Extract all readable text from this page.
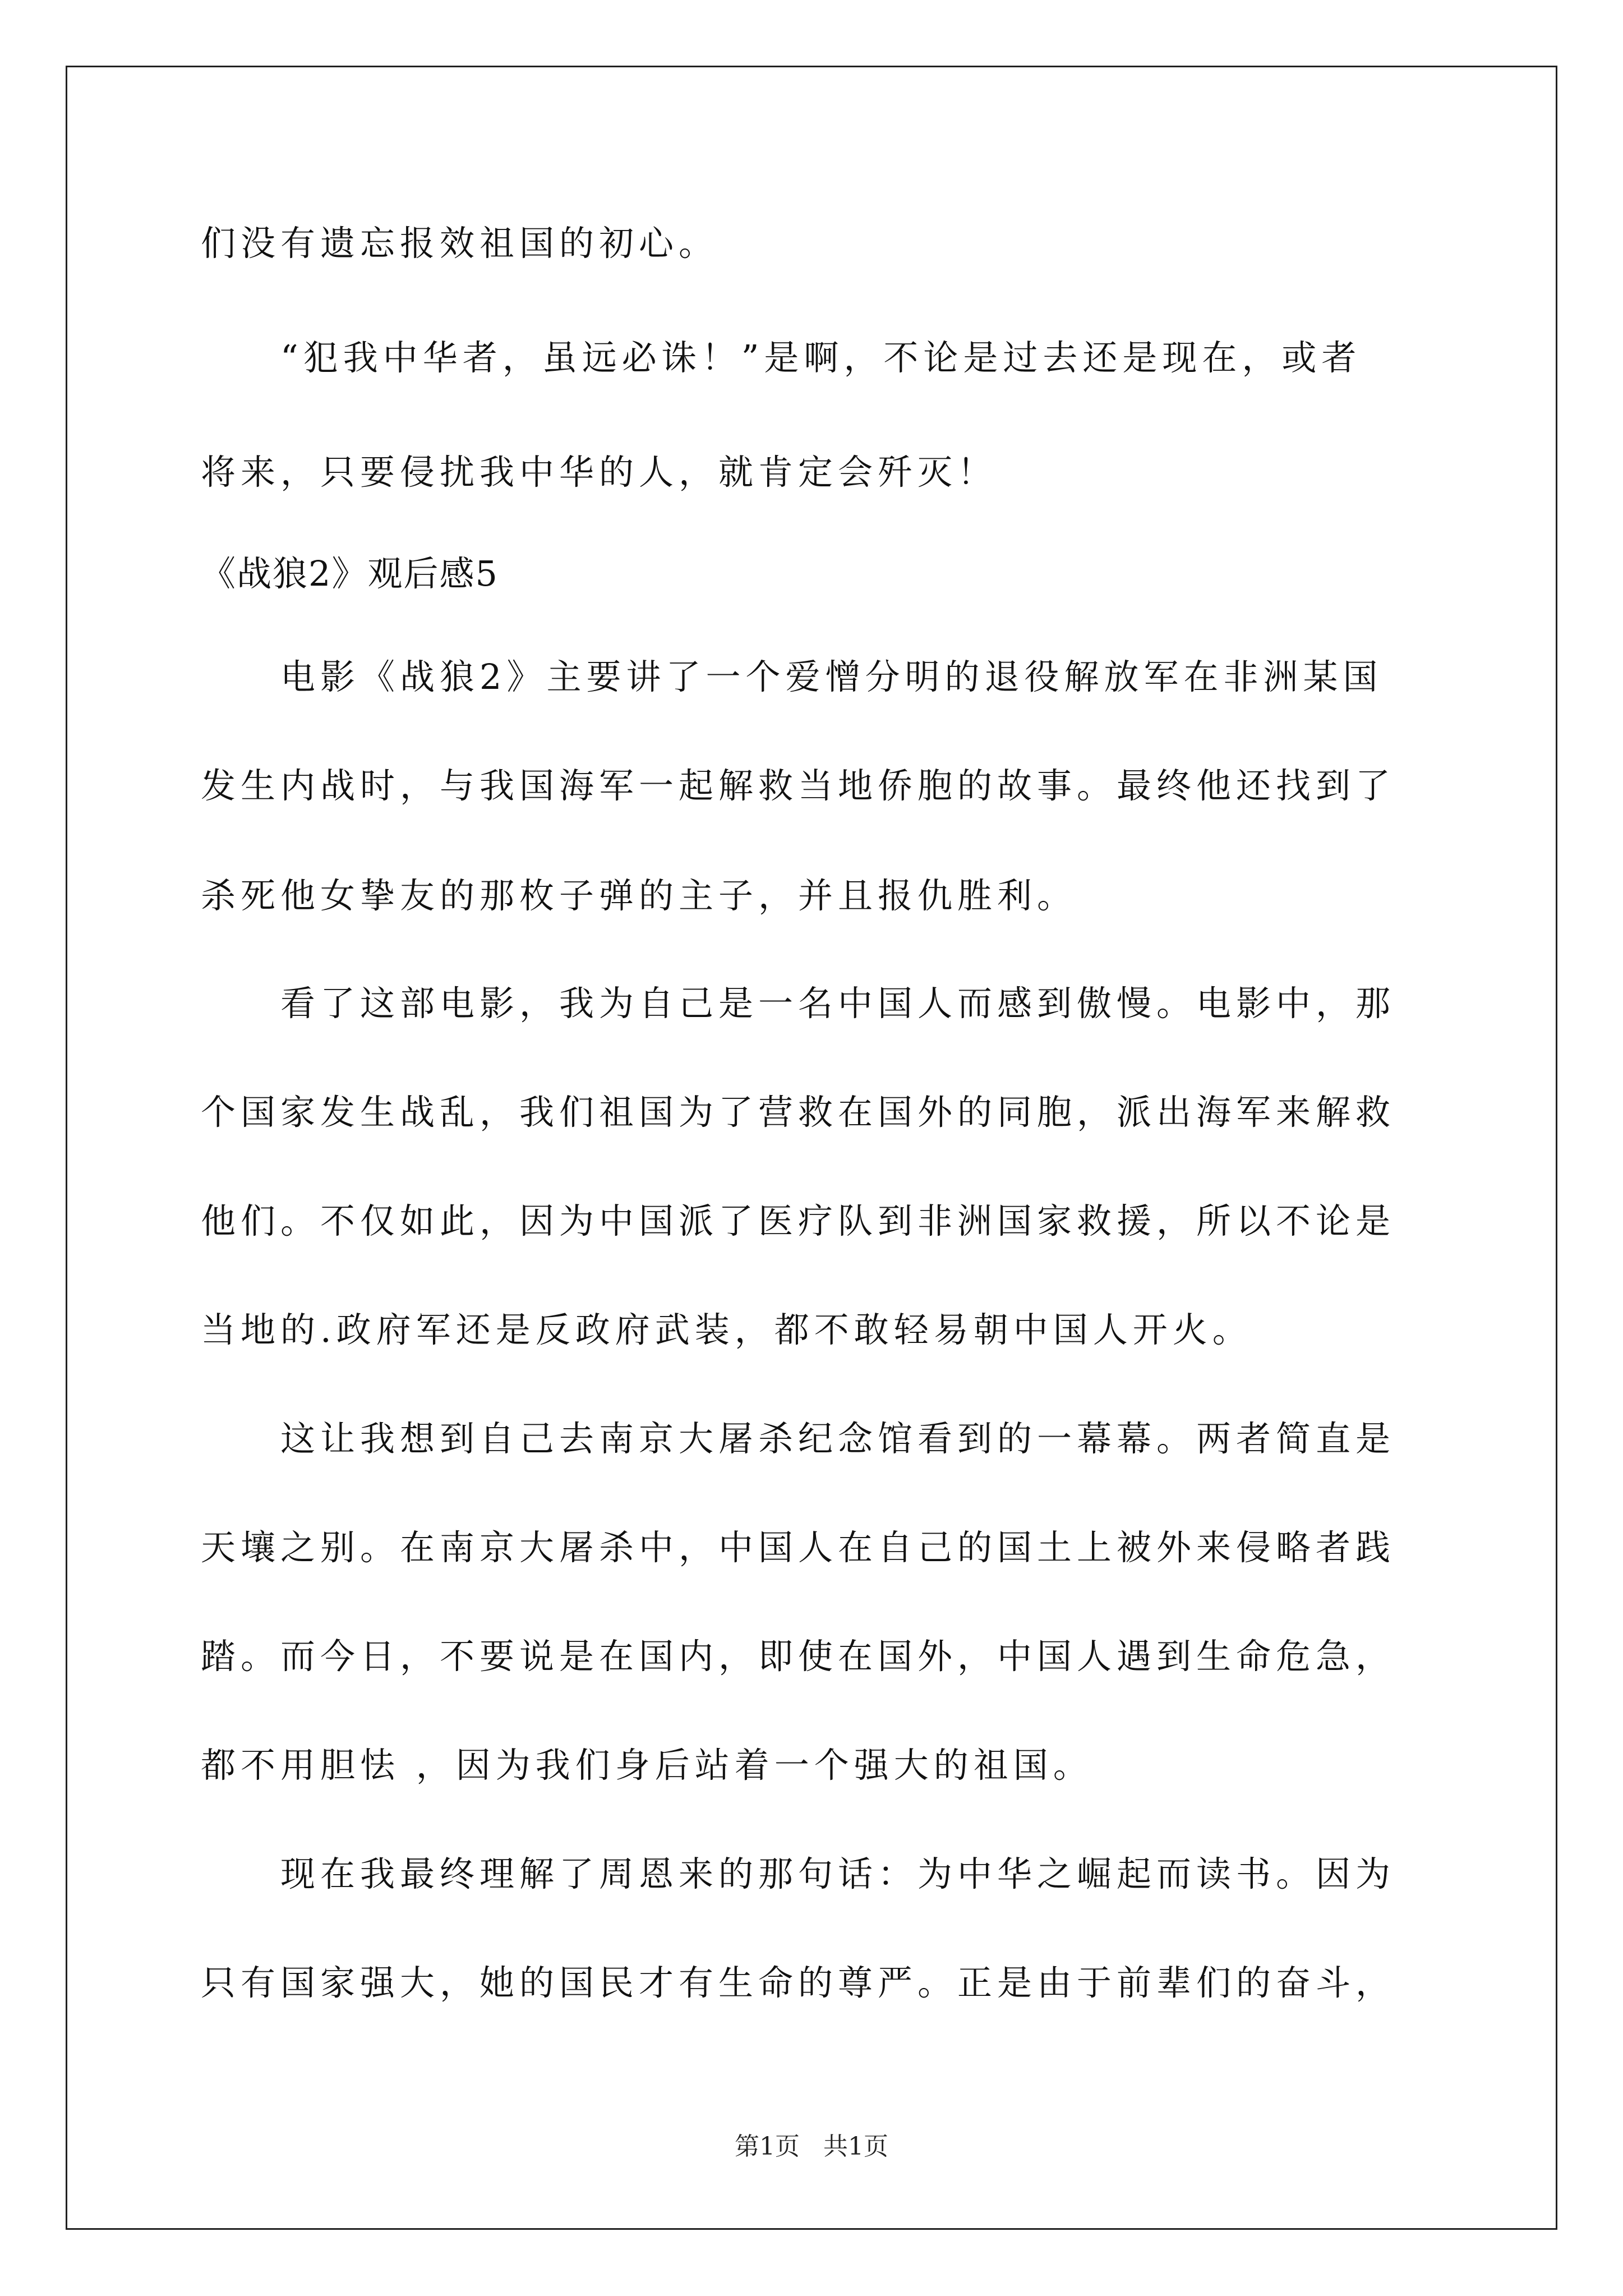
们没有遗忘报效祖国的初心。
“犯我中华者，虽远必诛！”是啊，不论是过去还是现在，或者
将来，只要侵扰我中华的人，就肯定会歼灭！
《战狼2》观后感5
电影《战狼2》主要讲了一个爱憎分明的退役解放军在非洲某国
发生内战时，与我国海军一起解救当地侨胞的故事。最终他还找到了
杀死他女挚友的那枚子弹的主子，并且报仇胜利。
看了这部电影，我为自己是一名中国人而感到傲慢。电影中，那
个国家发生战乱，我们祖国为了营救在国外的同胞，派出海军来解救
他们。不仅如此，因为中国派了医疗队到非洲国家救援，所以不论是
当地的.政府军还是反政府武装，都不敢轻易朝中国人开火。
这让我想到自己去南京大屠杀纪念馆看到的一幕幕。两者简直是
天壤之别。在南京大屠杀中，中国人在自己的国土上被外来侵略者践
踏。而今日，不要说是在国内，即使在国外，中国人遇到生命危急，
都不用胆怯 ，因为我们身后站着一个强大的祖国。
现在我最终理解了周恩来的那句话：为中华之崛起而读书。因为
只有国家强大，她的国民才有生命的尊严。正是由于前辈们的奋斗，
第1页   共1页
